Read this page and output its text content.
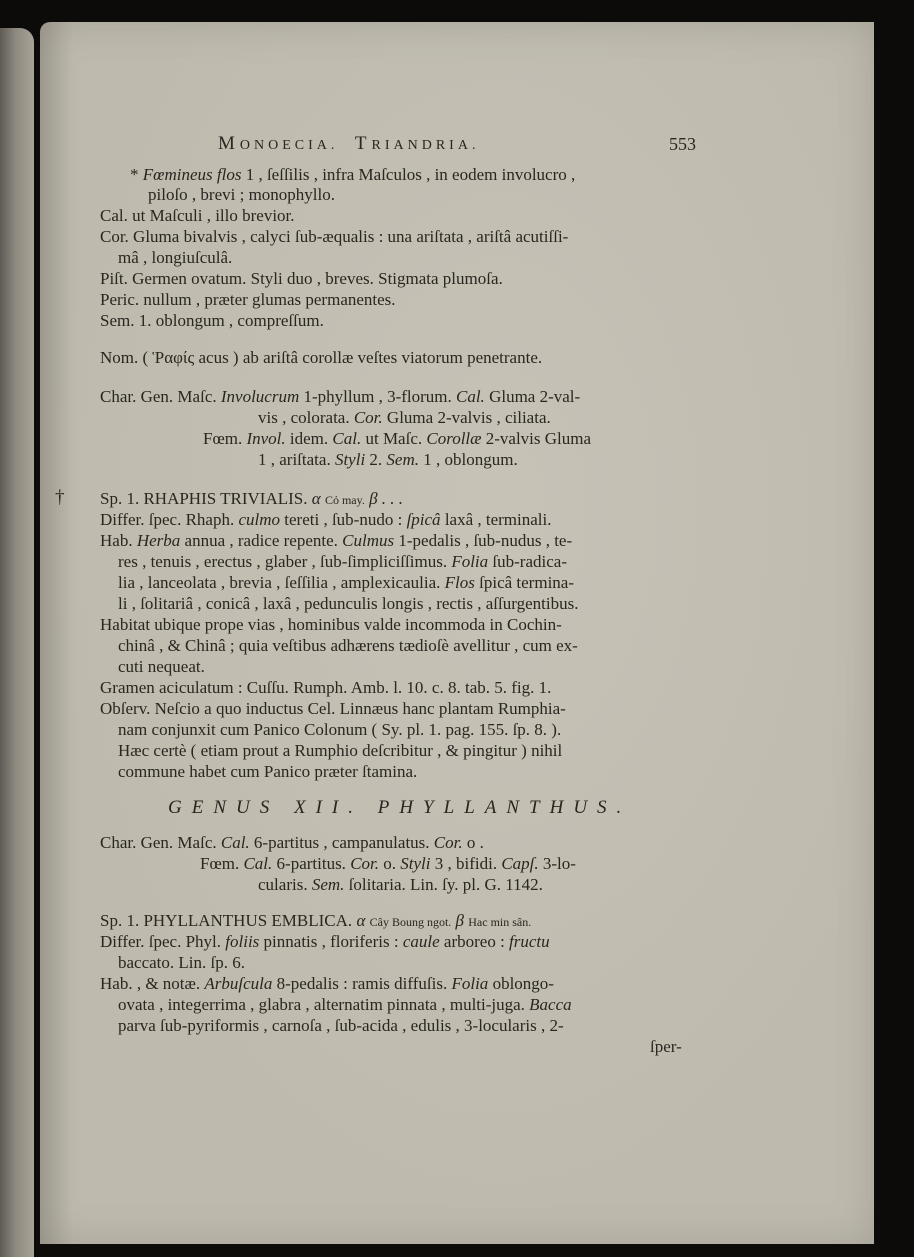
MONOECIA. TRIANDRIA.	553
* Fœmineus flos 1 , ſeſſilis , infra Maſculos , in eodem involucro ,
piloſo , brevi ; monophyllo.
Cal. ut Maſculi , illo brevior.
Cor. Gluma bivalvis , calyci ſub-æqualis : una ariſtata , ariſtâ acutiſſi-
mâ , longiuſculâ.
Piſt. Germen ovatum. Styli duo , breves. Stigmata plumoſa.
Peric. nullum , præter glumas permanentes.
Sem. 1. oblongum , compreſſum.
Nom. ( Ῥαφίς acus ) ab ariſtâ corollæ veſtes viatorum penetrante.
Char. Gen. Maſc. Involucrum 1-phyllum , 3-florum. Cal. Gluma 2-val-
vis , colorata. Cor. Gluma 2-valvis , ciliata.
Fœm. Invol. idem. Cal. ut Maſc. Corollæ 2-valvis Gluma
1 , ariſtata. Styli 2. Sem. 1 , oblongum.
† Sp. 1. RHAPHIS TRIVIALIS. α Cỏ may. β . . .
Differ. ſpec. Rhaph. culmo tereti , ſub-nudo : ſpicâ laxâ , terminali.
Hab. Herba annua , radice repente. Culmus 1-pedalis , ſub-nudus , te-
res , tenuis , erectus , glaber , ſub-ſimpliciſſimus. Folia ſub-radica-
lia , lanceolata , brevia , ſeſſilia , amplexicaulia. Flos ſpicâ termina-
li , ſolitariâ , conicâ , laxâ , pedunculis longis , rectis , aſſurgentibus.
Habitat ubique prope vias , hominibus valde incommoda in Cochin-
chinâ , & Chinâ ; quia veſtibus adhærens tædioſè avellitur , cum ex-
cuti nequeat.
Gramen aciculatum : Cuſſu. Rumph. Amb. l. 10. c. 8. tab. 5. fig. 1.
Obſerv. Neſcio a quo inductus Cel. Linnæus hanc plantam Rumphia-
nam conjunxit cum Panico Colonum ( Sy. pl. 1. pag. 155. ſp. 8. ).
Hæc certè ( etiam prout a Rumphio deſcribitur , & pingitur ) nihil
commune habet cum Panico præter ſtamina.
GENUS XII. PHYLLANTHUS.
Char. Gen. Maſc. Cal. 6-partitus , campanulatus. Cor. o .
Fœm. Cal. 6-partitus. Cor. o. Styli 3 , bifidi. Capſ. 3-lo-
cularis. Sem. ſolitaria. Lin. ſy. pl. G. 1142.
Sp. 1. PHYLLANTHUS EMBLICA. α Cây Boung ngot. β Hac min sân.
Differ. ſpec. Phyl. foliis pinnatis , floriferis : caule arboreo : fructu
baccato. Lin. ſp. 6.
Hab. , & notæ. Arbuſcula 8-pedalis : ramis diffuſis. Folia oblongo-
ovata , integerrima , glabra , alternatim pinnata , multi-juga. Bacca
parva ſub-pyriformis , carnoſa , ſub-acida , edulis , 3-locularis , 2-
ſper-
